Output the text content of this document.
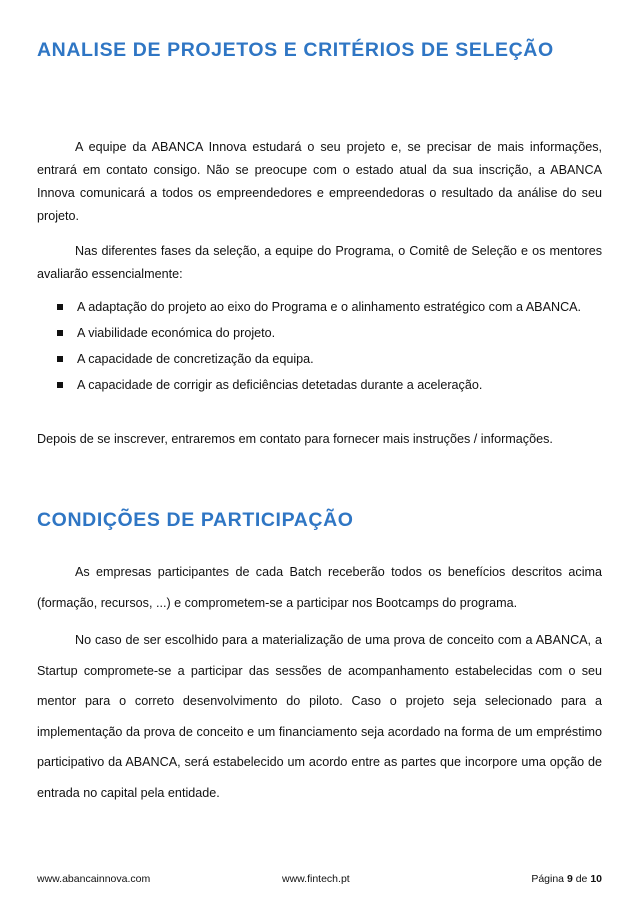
ANALISE DE PROJETOS E CRITÉRIOS DE SELEÇÃO

A equipe da ABANCA Innova estudará o seu projeto e, se precisar de mais informações, entrará em contato consigo. Não se preocupe com o estado atual da sua inscrição, a ABANCA Innova comunicará a todos os empreendedores e empreendedoras o resultado da análise do seu projeto.

Nas diferentes fases da seleção, a equipe do Programa, o Comitê de Seleção e os mentores avaliarão essencialmente:

A adaptação do projeto ao eixo do Programa e o alinhamento estratégico com a ABANCA.
A viabilidade económica do projeto.
A capacidade de concretização da equipa.
A capacidade de corrigir as deficiências detetadas durante a aceleração.

Depois de se inscrever, entraremos em contato para fornecer mais instruções / informações.

CONDIÇÕES DE PARTICIPAÇÃO

As empresas participantes de cada Batch receberão todos os benefícios descritos acima (formação, recursos, ...) e comprometem-se a participar nos Bootcamps do programa.

No caso de ser escolhido para a materialização de uma prova de conceito com a ABANCA, a Startup compromete-se a participar das sessões de acompanhamento estabelecidas com o seu mentor para o correto desenvolvimento do piloto. Caso o projeto seja selecionado para a implementação da prova de conceito e um financiamento seja acordado na forma de um empréstimo participativo da ABANCA, será estabelecido um acordo entre as partes que incorpore uma opção de entrada no capital pela entidade.

www.abancainnova.com	www.fintech.pt	Página 9 de 10
